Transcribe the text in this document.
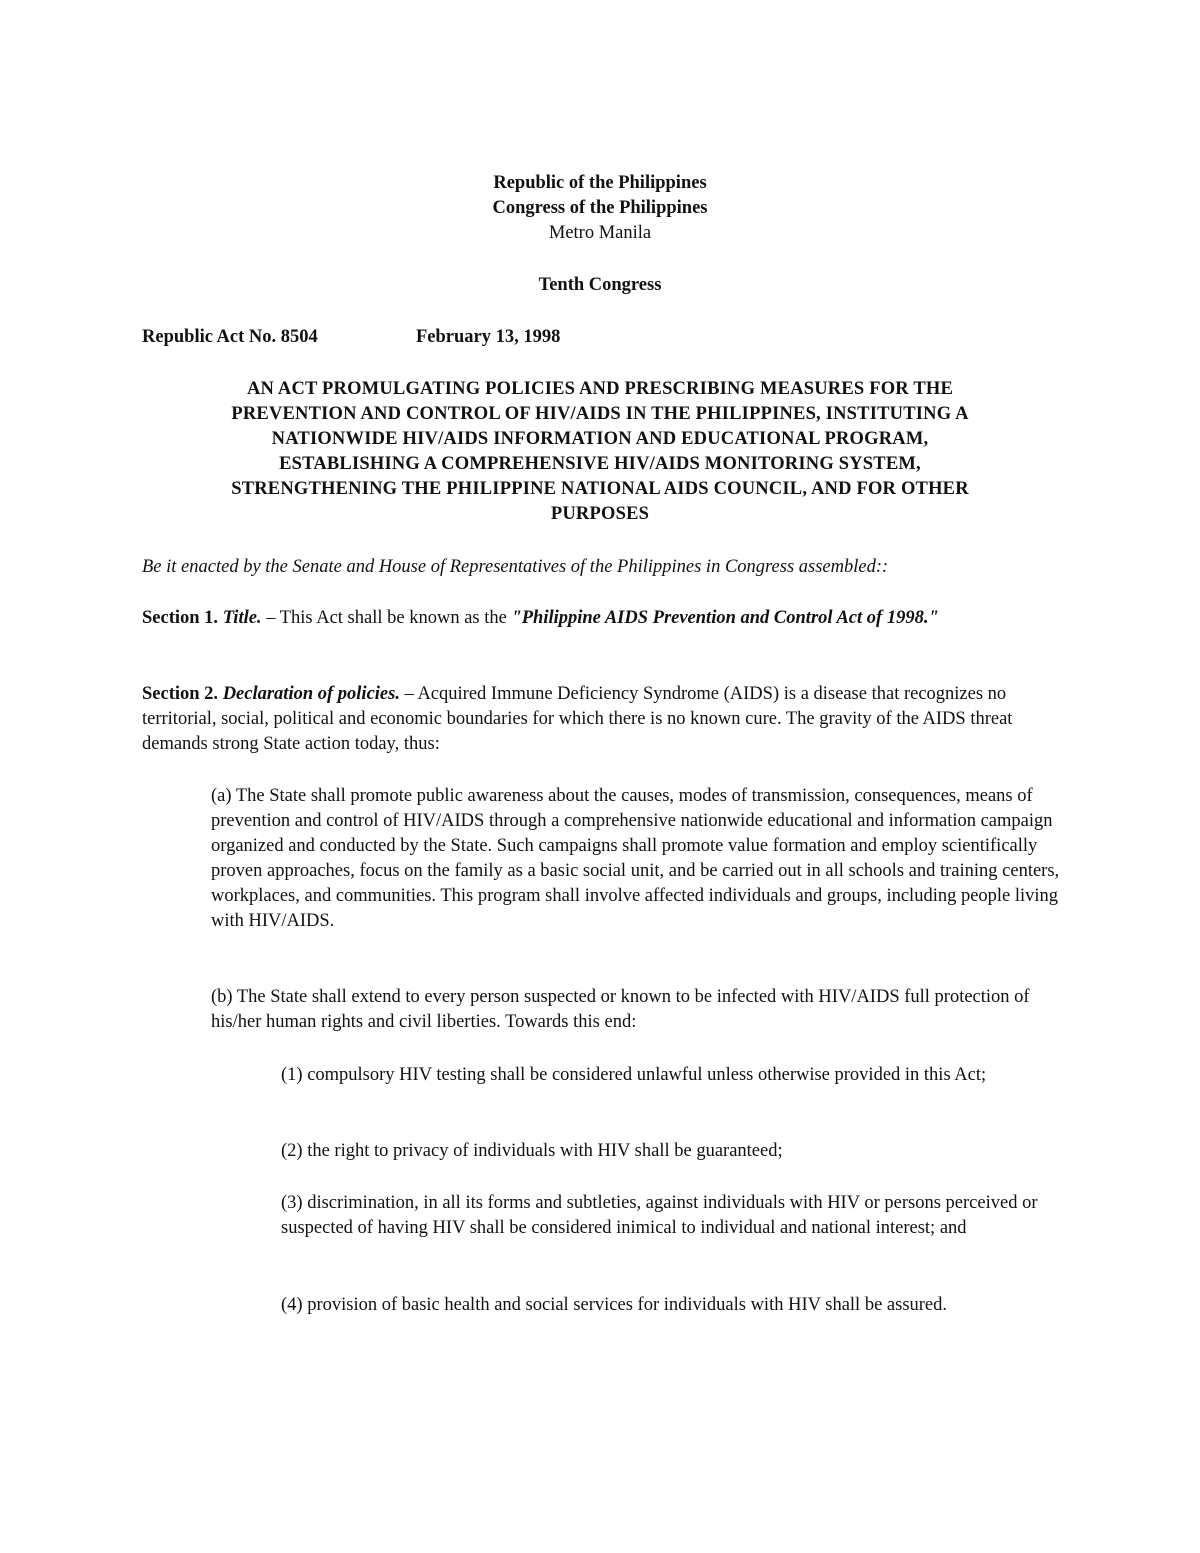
Republic of the Philippines
Congress of the Philippines
Metro Manila
Tenth Congress
Republic Act No. 8504	February 13, 1998
AN ACT PROMULGATING POLICIES AND PRESCRIBING MEASURES FOR THE
PREVENTION AND CONTROL OF HIV/AIDS IN THE PHILIPPINES, INSTITUTING A
NATIONWIDE HIV/AIDS INFORMATION AND EDUCATIONAL PROGRAM,
ESTABLISHING A COMPREHENSIVE HIV/AIDS MONITORING SYSTEM,
STRENGTHENING THE PHILIPPINE NATIONAL AIDS COUNCIL, AND FOR OTHER
PURPOSES

Be it enacted by the Senate and House of Representatives of the Philippines in Congress assembled::

Section 1. Title. – This Act shall be known as the "Philippine AIDS Prevention and Control Act of 1998."

Section 2. Declaration of policies. – Acquired Immune Deficiency Syndrome (AIDS) is a disease that recognizes no territorial, social, political and economic boundaries for which there is no known cure. The gravity of the AIDS threat demands strong State action today, thus:

(a) The State shall promote public awareness about the causes, modes of transmission, consequences, means of prevention and control of HIV/AIDS through a comprehensive nationwide educational and information campaign organized and conducted by the State. Such campaigns shall promote value formation and employ scientifically proven approaches, focus on the family as a basic social unit, and be carried out in all schools and training centers, workplaces, and communities. This program shall involve affected individuals and groups, including people living with HIV/AIDS.

(b) The State shall extend to every person suspected or known to be infected with HIV/AIDS full protection of his/her human rights and civil liberties. Towards this end:

(1) compulsory HIV testing shall be considered unlawful unless otherwise provided in this Act;

(2) the right to privacy of individuals with HIV shall be guaranteed;

(3) discrimination, in all its forms and subtleties, against individuals with HIV or persons perceived or suspected of having HIV shall be considered inimical to individual and national interest; and

(4) provision of basic health and social services for individuals with HIV shall be assured.
